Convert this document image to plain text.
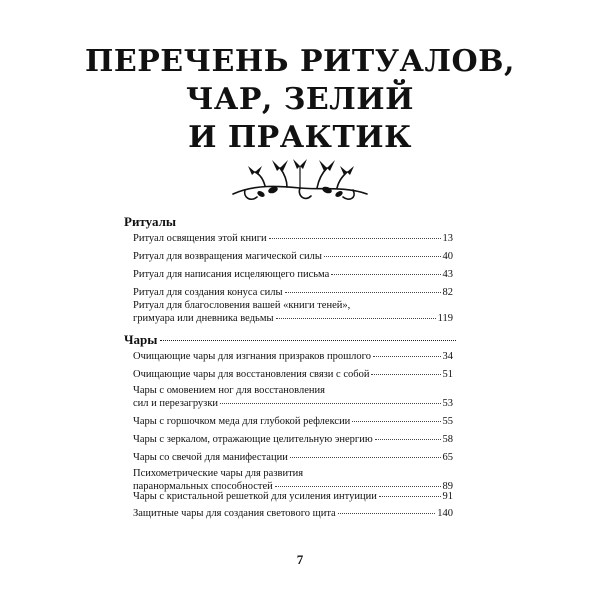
ПЕРЕЧЕНЬ РИТУАЛОВ,
ЧАР, ЗЕЛИЙ
И ПРАКТИК
Ритуалы
Ритуал освящения этой книги	13
Ритуал для возвращения магической силы	40
Ритуал для написания исцеляющего письма	43
Ритуал для создания конуса силы	82
Ритуал для благословения вашей «книги теней»,
гримуара или дневника ведьмы	119
Чары
Очищающие чары для изгнания призраков прошлого	34
Очищающие чары для восстановления связи с собой	51
Чары с омовением ног для восстановления
сил и перезагрузки	53
Чары с горшочком меда для глубокой рефлексии	55
Чары с зеркалом, отражающие целительную энергию	58
Чары со свечой для манифестации	65
Психометрические чары для развития
паранормальных способностей	89
Чары с кристальной решеткой для усиления интуиции	91
Защитные чары для создания светового щита	140
7
